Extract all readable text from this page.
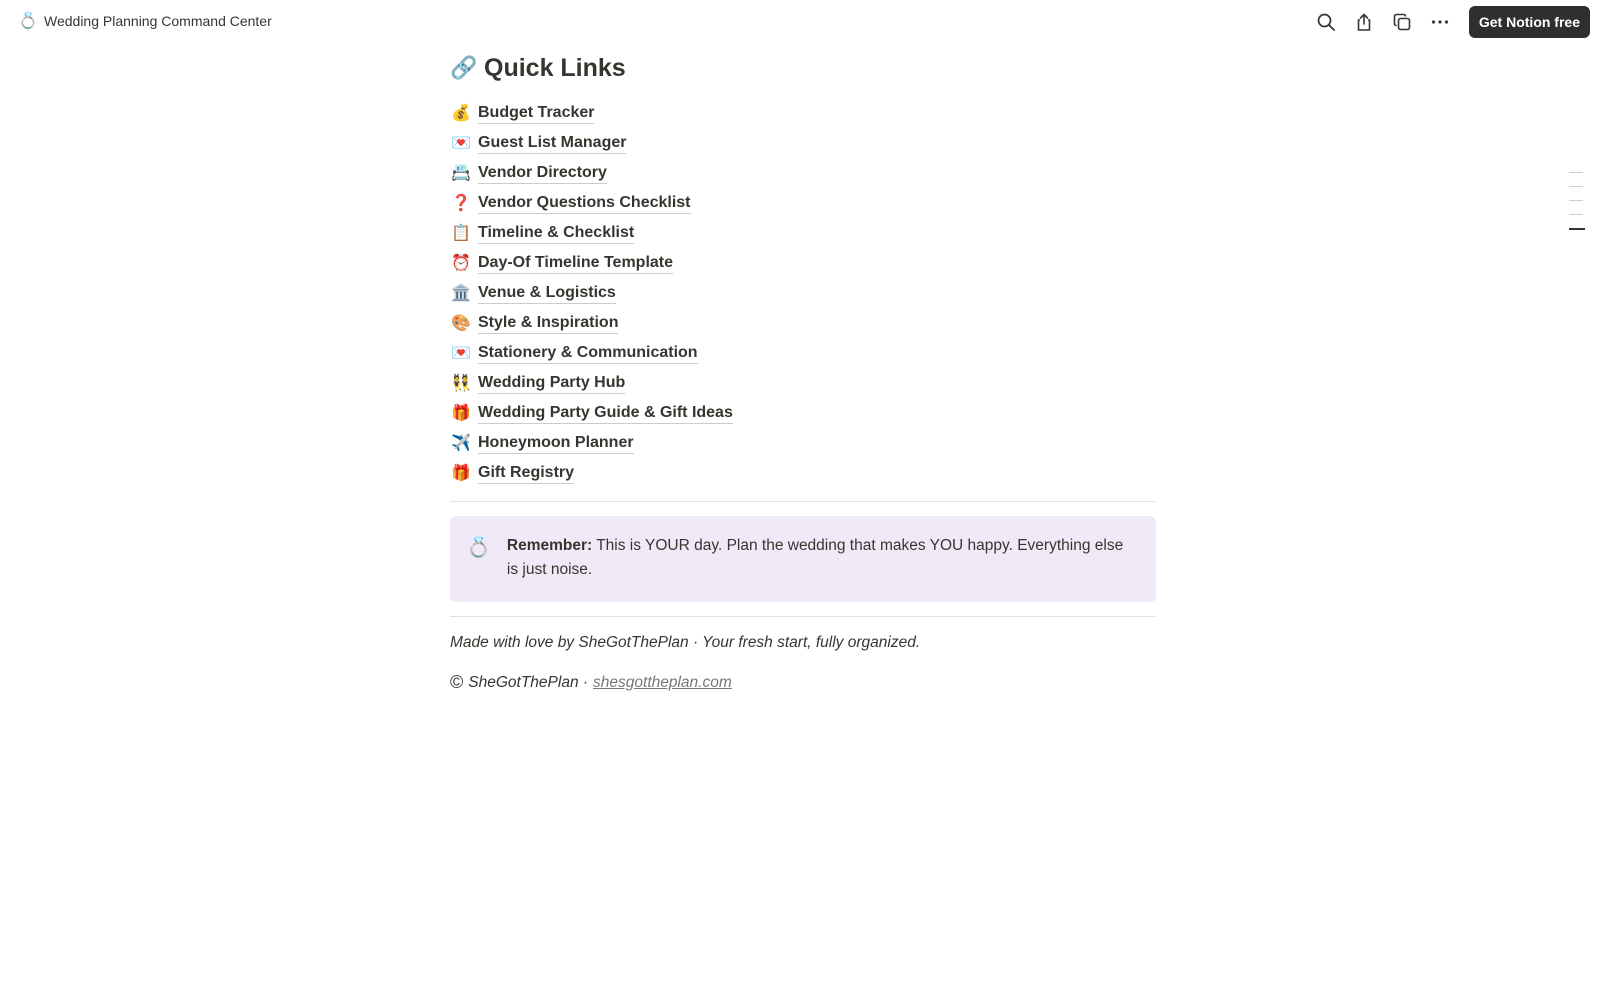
💍 Wedding Planning Command Center	Get Notion free
🔗 Quick Links
💰 Budget Tracker
💌 Guest List Manager
📇 Vendor Directory
❓ Vendor Questions Checklist
📋 Timeline & Checklist
⏰ Day-Of Timeline Template
🏛️ Venue & Logistics
🎨 Style & Inspiration
💌 Stationery & Communication
👯 Wedding Party Hub
🎁 Wedding Party Guide & Gift Ideas
✈️ Honeymoon Planner
🎁 Gift Registry
💍 Remember: This is YOUR day. Plan the wedding that makes YOU happy. Everything else is just noise.

Made with love by SheGotThePlan · Your fresh start, fully organized.

© SheGotThePlan · shesgottheplan.com
